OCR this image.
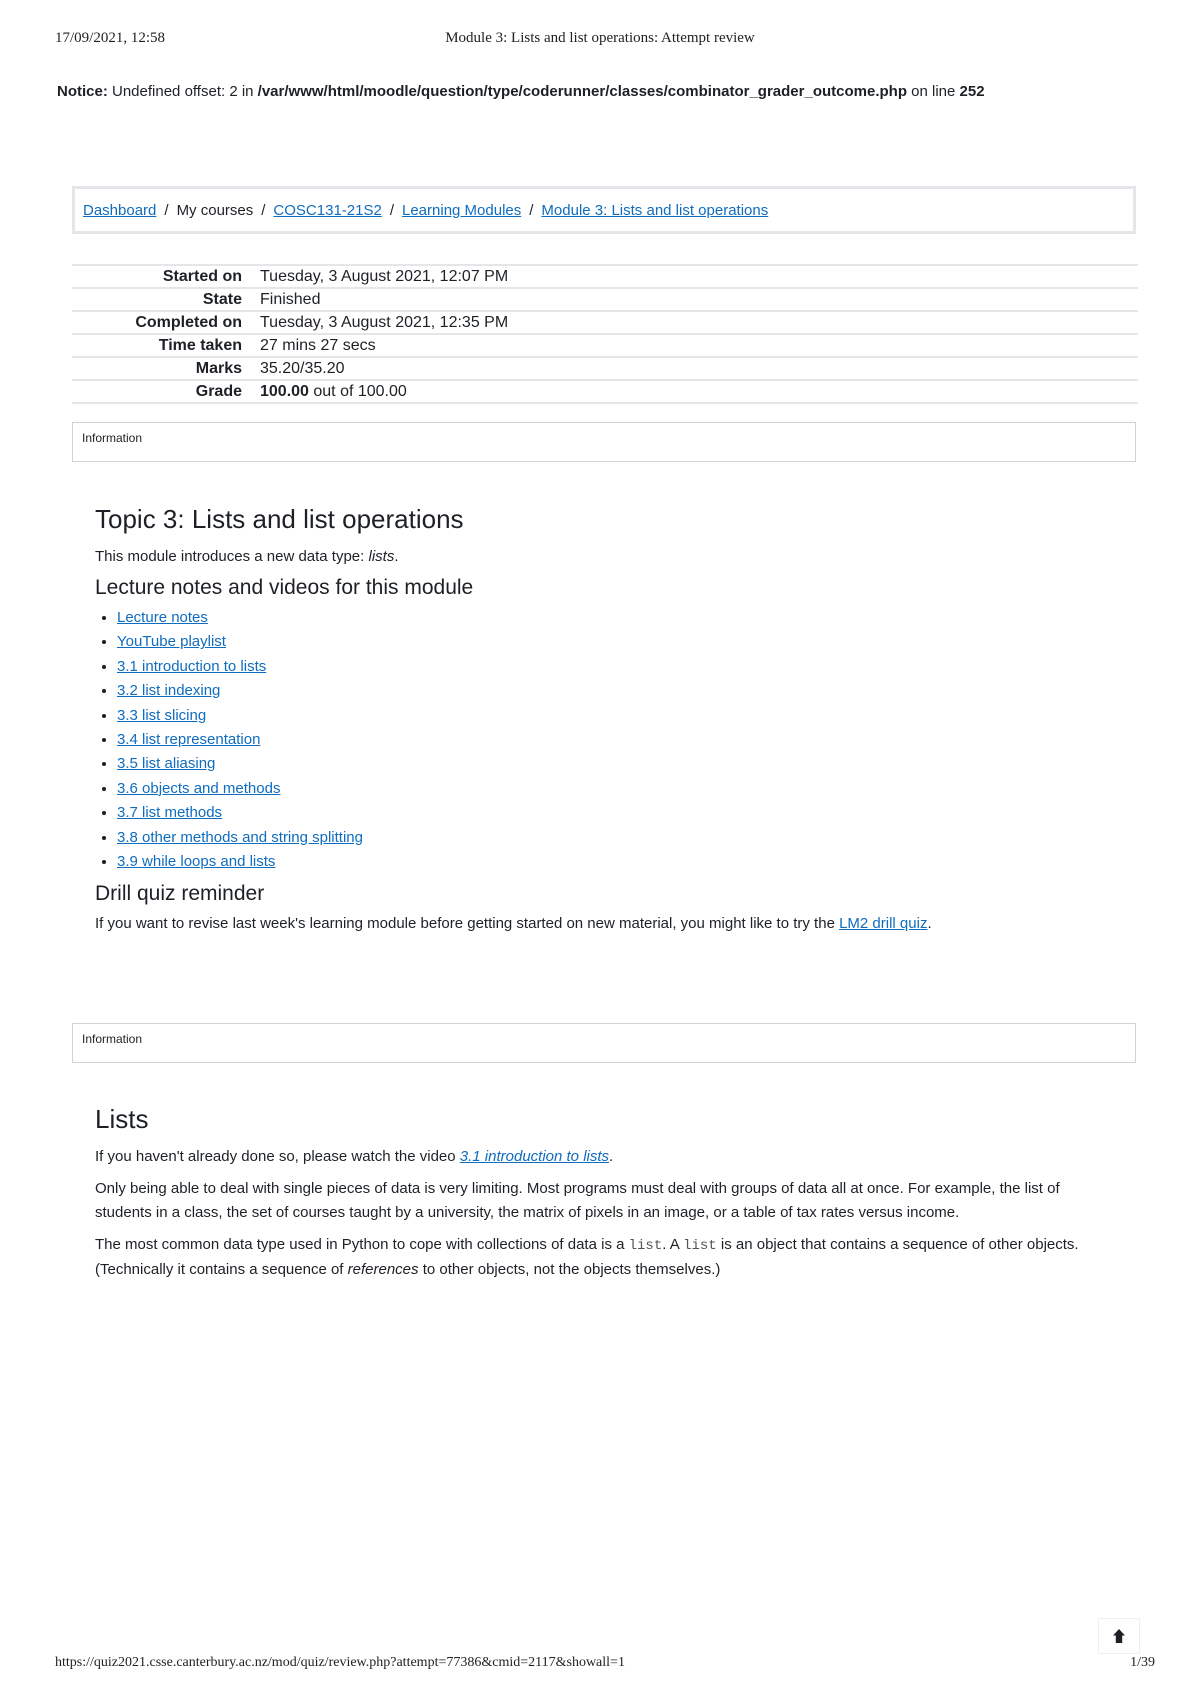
17/09/2021, 12:58	Module 3: Lists and list operations: Attempt review
Notice: Undefined offset: 2 in /var/www/html/moodle/question/type/coderunner/classes/combinator_grader_outcome.php on line 252
Dashboard / My courses / COSC131-21S2 / Learning Modules / Module 3: Lists and list operations
Started on	Tuesday, 3 August 2021, 12:07 PM
State	Finished
Completed on	Tuesday, 3 August 2021, 12:35 PM
Time taken	27 mins 27 secs
Marks	35.20/35.20
Grade	100.00 out of 100.00
Information
Topic 3: Lists and list operations

This module introduces a new data type: lists.

Lecture notes and videos for this module
• Lecture notes
• YouTube playlist
• 3.1 introduction to lists
• 3.2 list indexing
• 3.3 list slicing
• 3.4 list representation
• 3.5 list aliasing
• 3.6 objects and methods
• 3.7 list methods
• 3.8 other methods and string splitting
• 3.9 while loops and lists
Drill quiz reminder

If you want to revise last week's learning module before getting started on new material, you might like to try the LM2 drill quiz.

Information
Lists

If you haven't already done so, please watch the video 3.1 introduction to lists.

Only being able to deal with single pieces of data is very limiting. Most programs must deal with groups of data all at once. For example, the list of students in a class, the set of courses taught by a university, the matrix of pixels in an image, or a table of tax rates versus income.

The most common data type used in Python to cope with collections of data is a list. A list is an object that contains a sequence of other objects. (Technically it contains a sequence of references to other objects, not the objects themselves.)

https://quiz2021.csse.canterbury.ac.nz/mod/quiz/review.php?attempt=77386&cmid=2117&showall=1	1/39
